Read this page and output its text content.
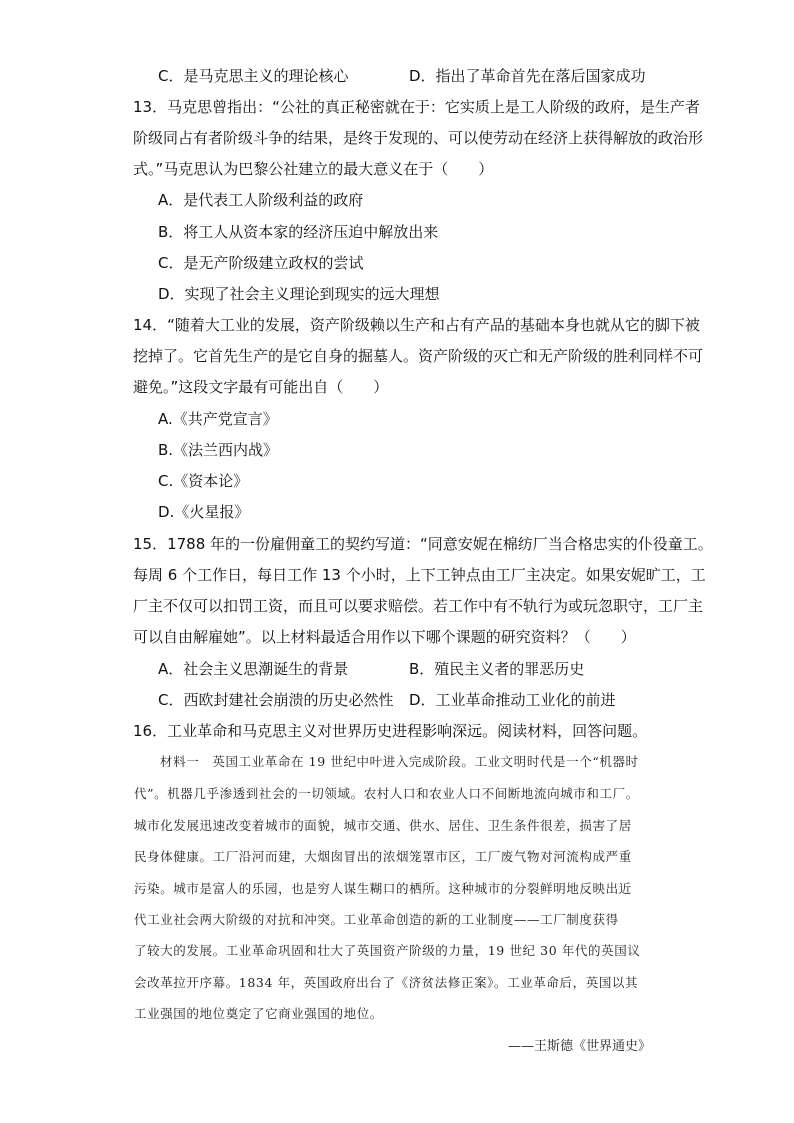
C．是马克思主义的理论核心	D．指出了革命首先在落后国家成功
13．马克思曾指出：“公社的真正秘密就在于：它实质上是工人阶级的政府，是生产者
阶级同占有者阶级斗争的结果，是终于发现的、可以使劳动在经济上获得解放的政治形
式。”马克思认为巴黎公社建立的最大意义在于（　　）
A．是代表工人阶级利益的政府
B．将工人从资本家的经济压迫中解放出来
C．是无产阶级建立政权的尝试
D．实现了社会主义理论到现实的远大理想
14．“随着大工业的发展，资产阶级赖以生产和占有产品的基础本身也就从它的脚下被
挖掉了。它首先生产的是它自身的掘墓人。资产阶级的灭亡和无产阶级的胜利同样不可
避免。”这段文字最有可能出自（　　）
A.《共产党宣言》
B.《法兰西内战》
C.《资本论》
D.《火星报》
15．1788 年的一份雇佣童工的契约写道：“同意安妮在棉纺厂当合格忠实的仆役童工。
每周 6 个工作日，每日工作 13 个小时，上下工钟点由工厂主决定。如果安妮旷工，工
厂主不仅可以扣罚工资，而且可以要求赔偿。若工作中有不轨行为或玩忽职守，工厂主
可以自由解雇她”。以上材料最适合用作以下哪个课题的研究资料？（　　）
A．社会主义思潮诞生的背景	B．殖民主义者的罪恶历史
C．西欧封建社会崩溃的历史必然性 D．工业革命推动工业化的前进
16．工业革命和马克思主义对世界历史进程影响深远。阅读材料，回答问题。
材料一　英国工业革命在 19 世纪中叶进入完成阶段。工业文明时代是一个“机器时
代”。机器几乎渗透到社会的一切领域。农村人口和农业人口不间断地流向城市和工厂。
城市化发展迅速改变着城市的面貌，城市交通、供水、居住、卫生条件很差，损害了居
民身体健康。工厂沿河而建，大烟囱冒出的浓烟笼罩市区，工厂废气物对河流构成严重
污染。城市是富人的乐园，也是穷人谋生糊口的栖所。这种城市的分裂鲜明地反映出近
代工业社会两大阶级的对抗和冲突。工业革命创造的新的工业制度——工厂制度获得
了较大的发展。工业革命巩固和壮大了英国资产阶级的力量，19 世纪 30 年代的英国议
会改革拉开序幕。1834 年，英国政府出台了《济贫法修正案》。工业革命后，英国以其
工业强国的地位奠定了它商业强国的地位。
——王斯德《世界通史》
